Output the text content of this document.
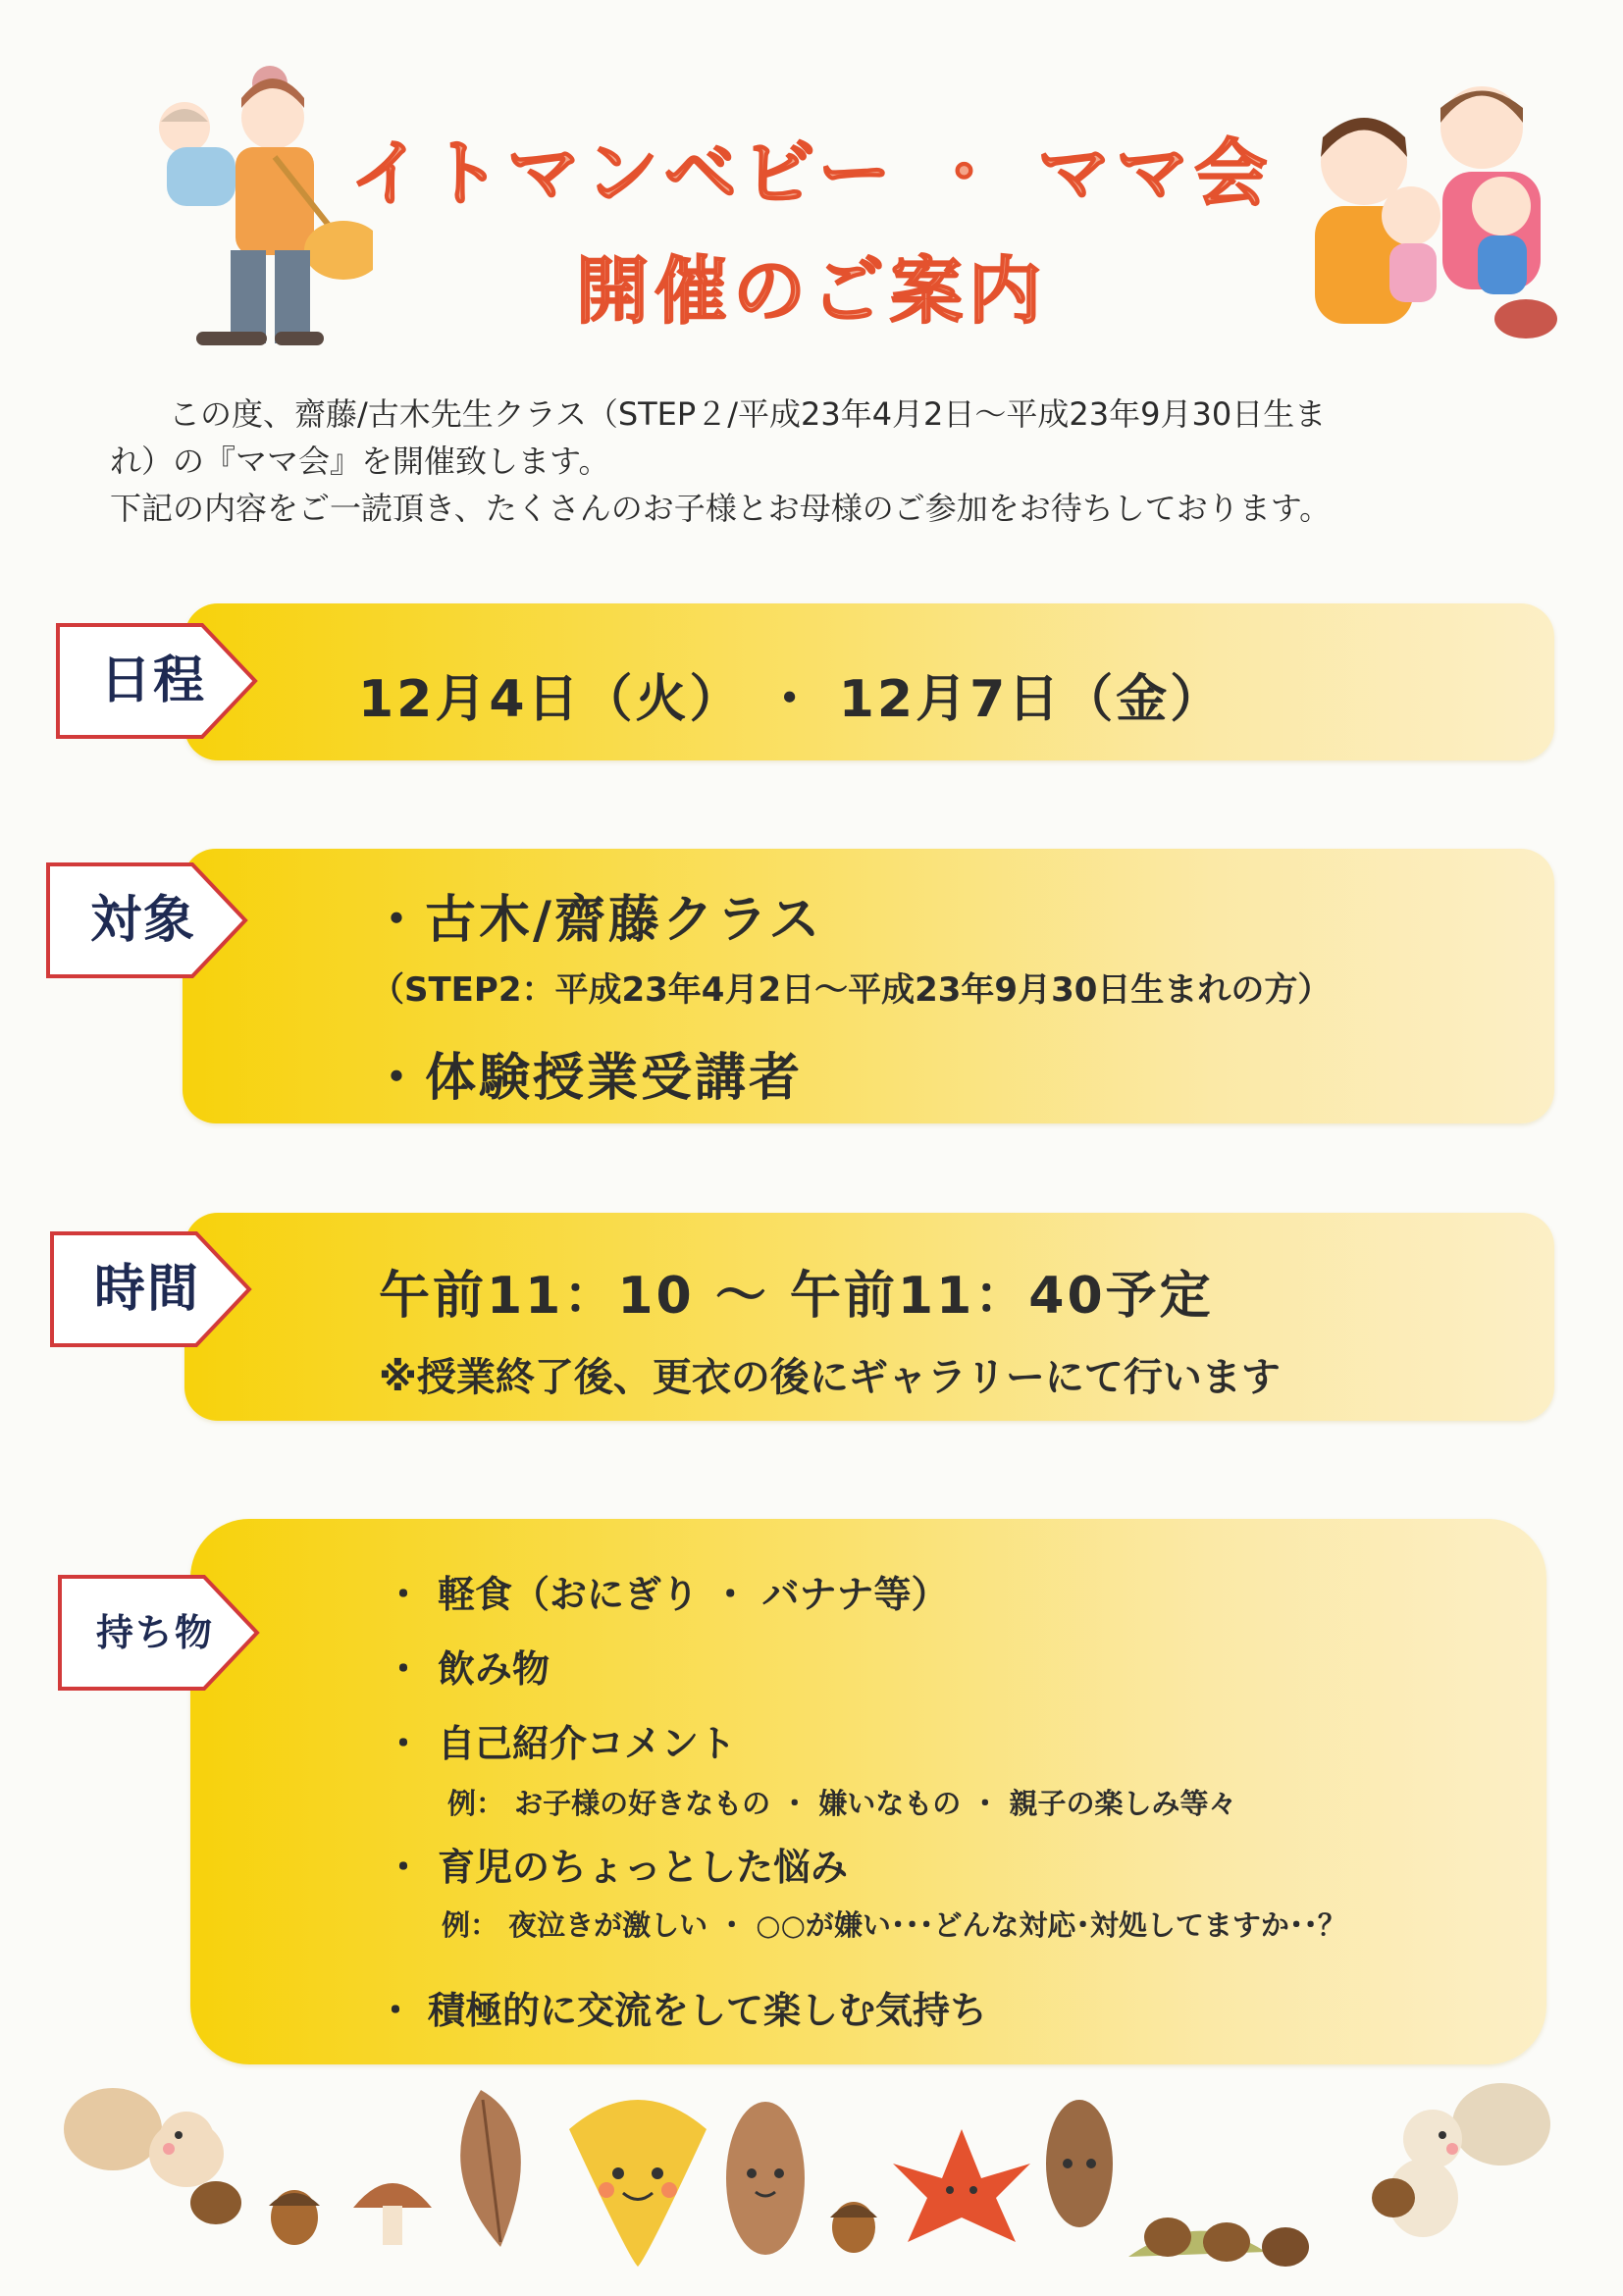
イトマンベビー ・ ママ会
開催のご案内

この度、齋藤/古木先生クラス（STEP２/平成23年4月2日～平成23年9月30日生ま

れ）の『ママ会』を開催致します。

下記の内容をご一読頂き、たくさんのお子様とお母様のご参加をお待ちしております。

日程	12月4日（火） ・ 12月7日（金）
対象	・古木/齋藤クラス
（STEP2：平成23年4月2日～平成23年9月30日生まれの方）
・体験授業受講者
時間	午前11：10 ～ 午前11：40予定
※授業終了後、更衣の後にギャラリーにて行います
持ち物
・ 軽食（おにぎり ・ バナナ等）
・ 飲み物
・ 自己紹介コメント
例： お子様の好きなもの ・ 嫌いなもの ・ 親子の楽しみ等々
・ 育児のちょっとした悩み
例： 夜泣きが激しい ・ ○○が嫌い･･･どんな対応･対処してますか･･？
・ 積極的に交流をして楽しむ気持ち
